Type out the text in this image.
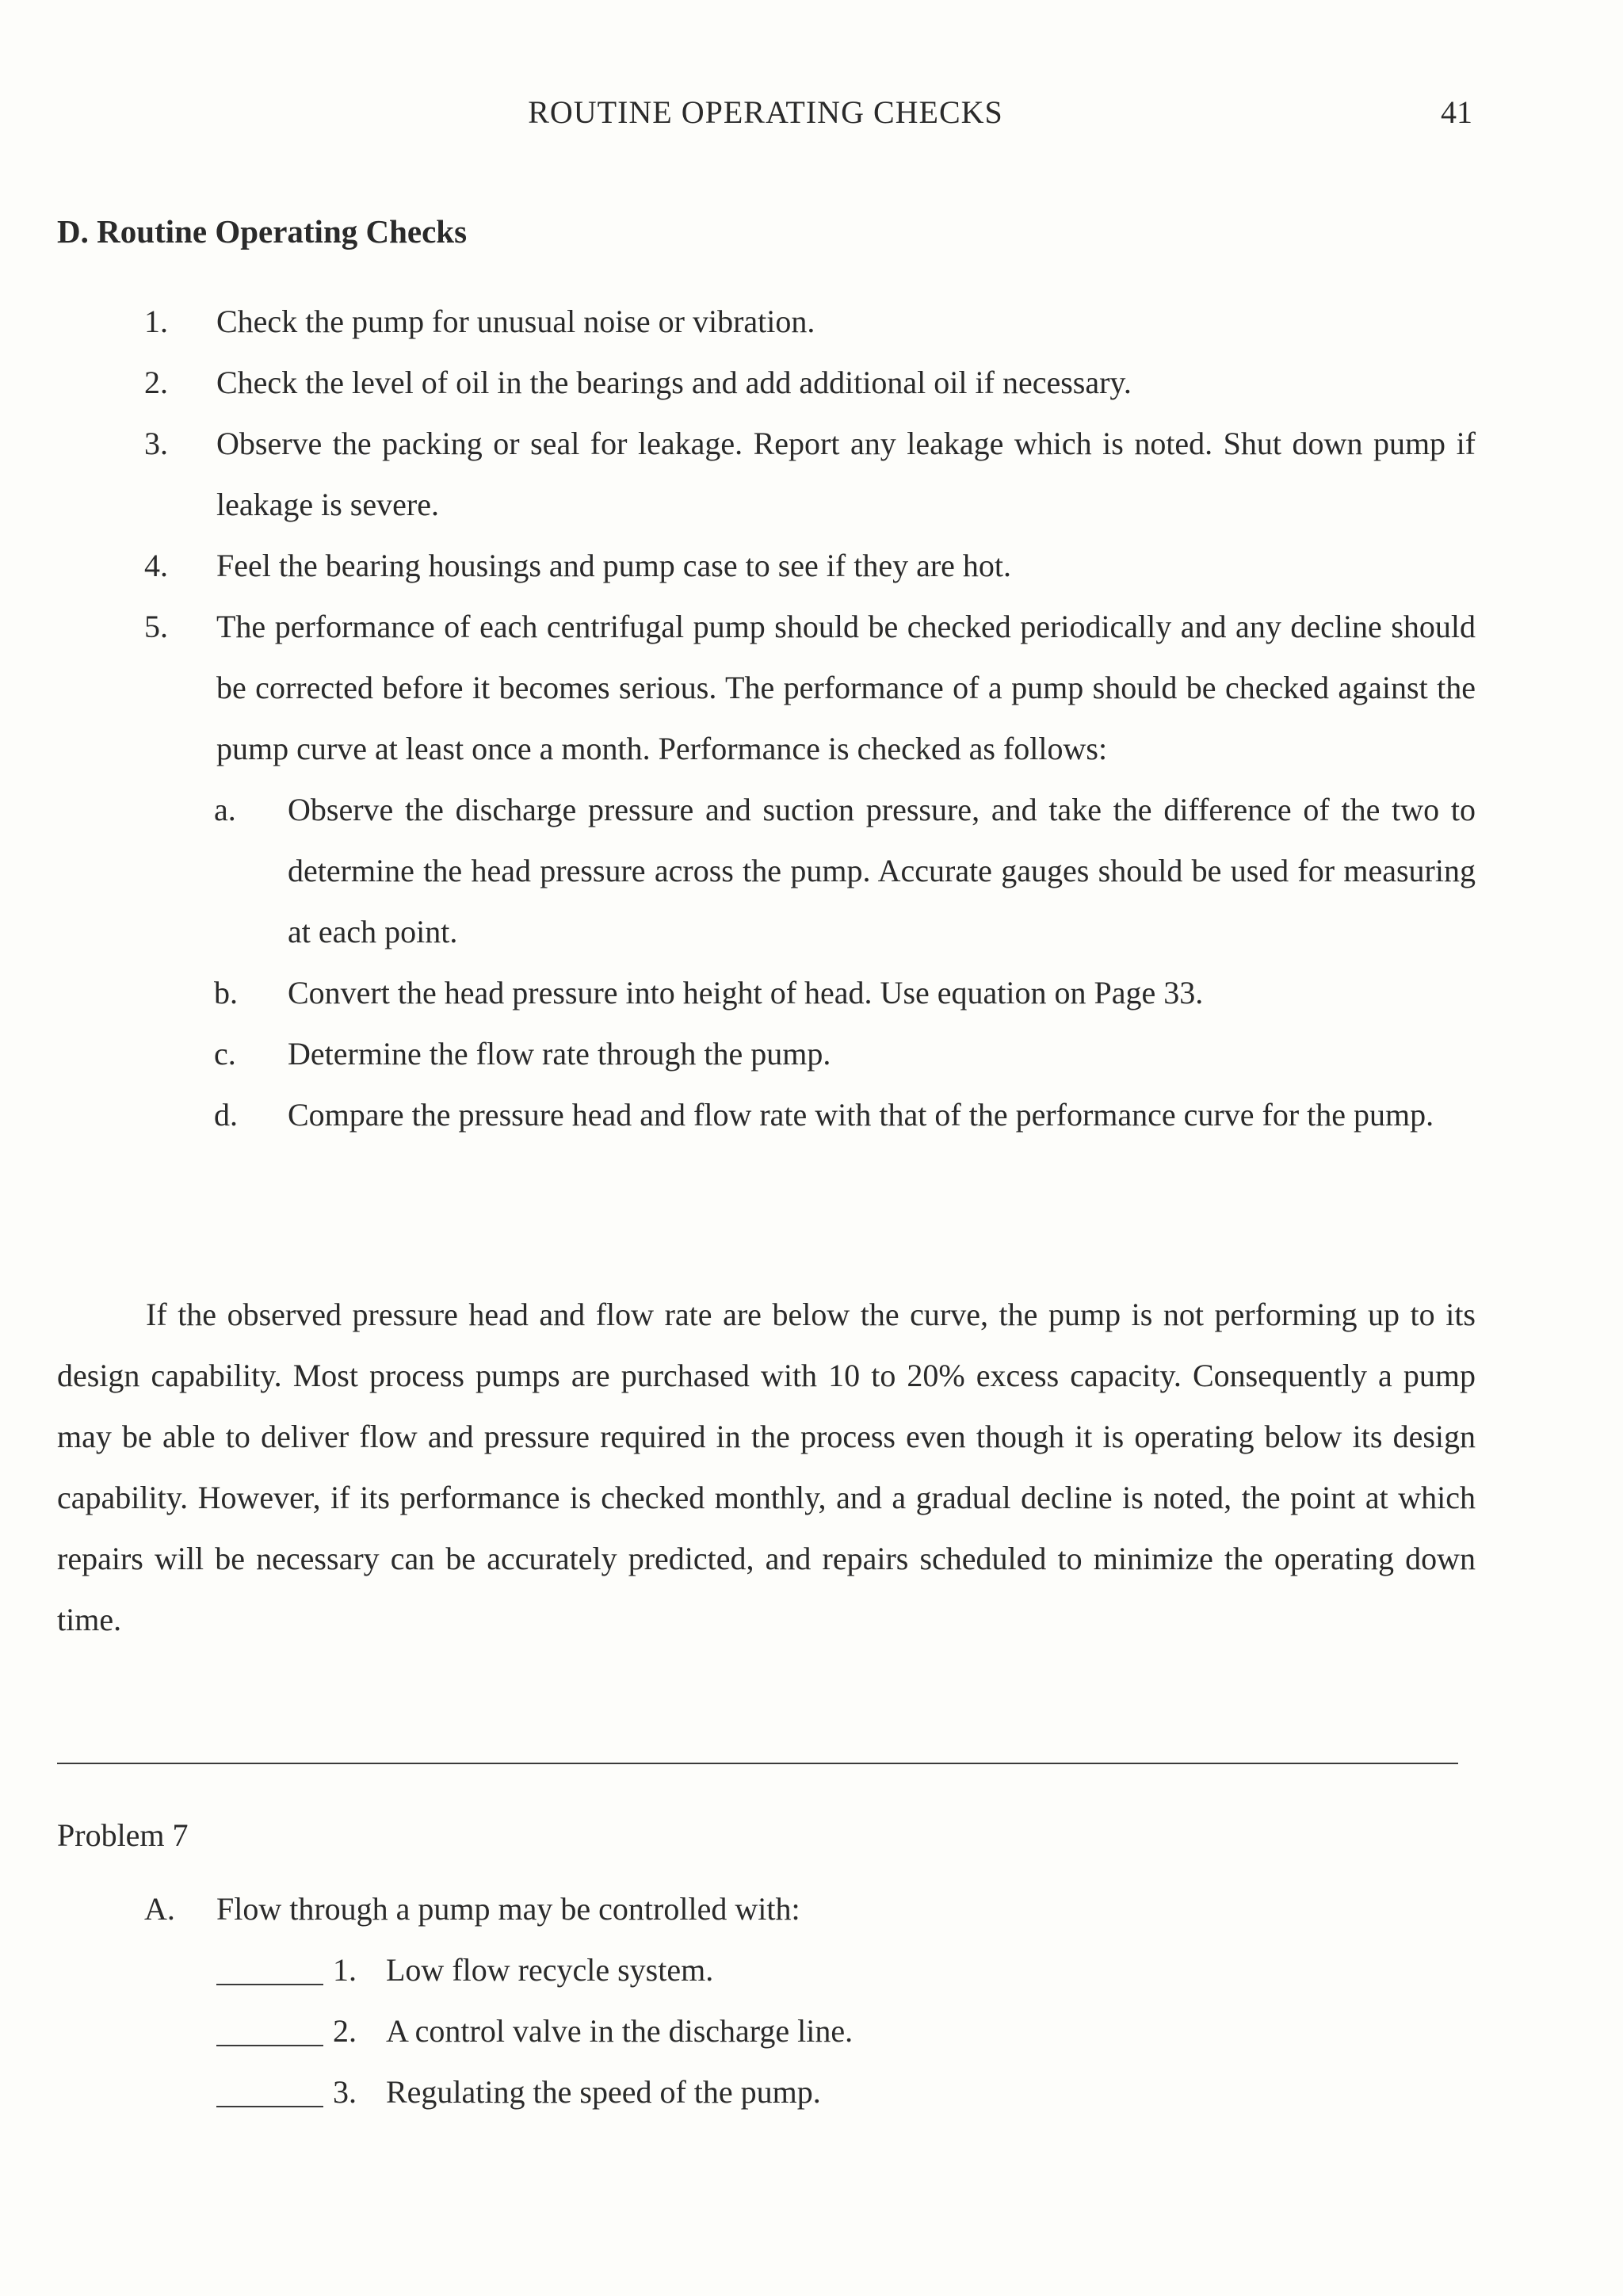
ROUTINE OPERATING CHECKS	41
D. Routine Operating Checks
1.	Check the pump for unusual noise or vibration.
2.	Check the level of oil in the bearings and add additional oil if necessary.
3.	Observe the packing or seal for leakage. Report any leakage which is noted. Shut down pump if leakage is severe.
4.	Feel the bearing housings and pump case to see if they are hot.
5.	The performance of each centrifugal pump should be checked periodically and any decline should be corrected before it becomes serious. The performance of a pump should be checked against the pump curve at least once a month. Performance is checked as follows:
a.	Observe the discharge pressure and suction pressure, and take the difference of the two to determine the head pressure across the pump. Accurate gauges should be used for measuring at each point.
b.	Convert the head pressure into height of head. Use equation on Page 33.
c.	Determine the flow rate through the pump.
d.	Compare the pressure head and flow rate with that of the performance curve for the pump.
If the observed pressure head and flow rate are below the curve, the pump is not performing up to its design capability. Most process pumps are purchased with 10 to 20% excess capacity. Consequently a pump may be able to deliver flow and pressure required in the process even though it is operating below its design capability. However, if its performance is checked monthly, and a gradual decline is noted, the point at which repairs will be necessary can be accurately predicted, and repairs scheduled to minimize the operating down time.
Problem 7
A. Flow through a pump may be controlled with:
1. Low flow recycle system.
2. A control valve in the discharge line.
3. Regulating the speed of the pump.
